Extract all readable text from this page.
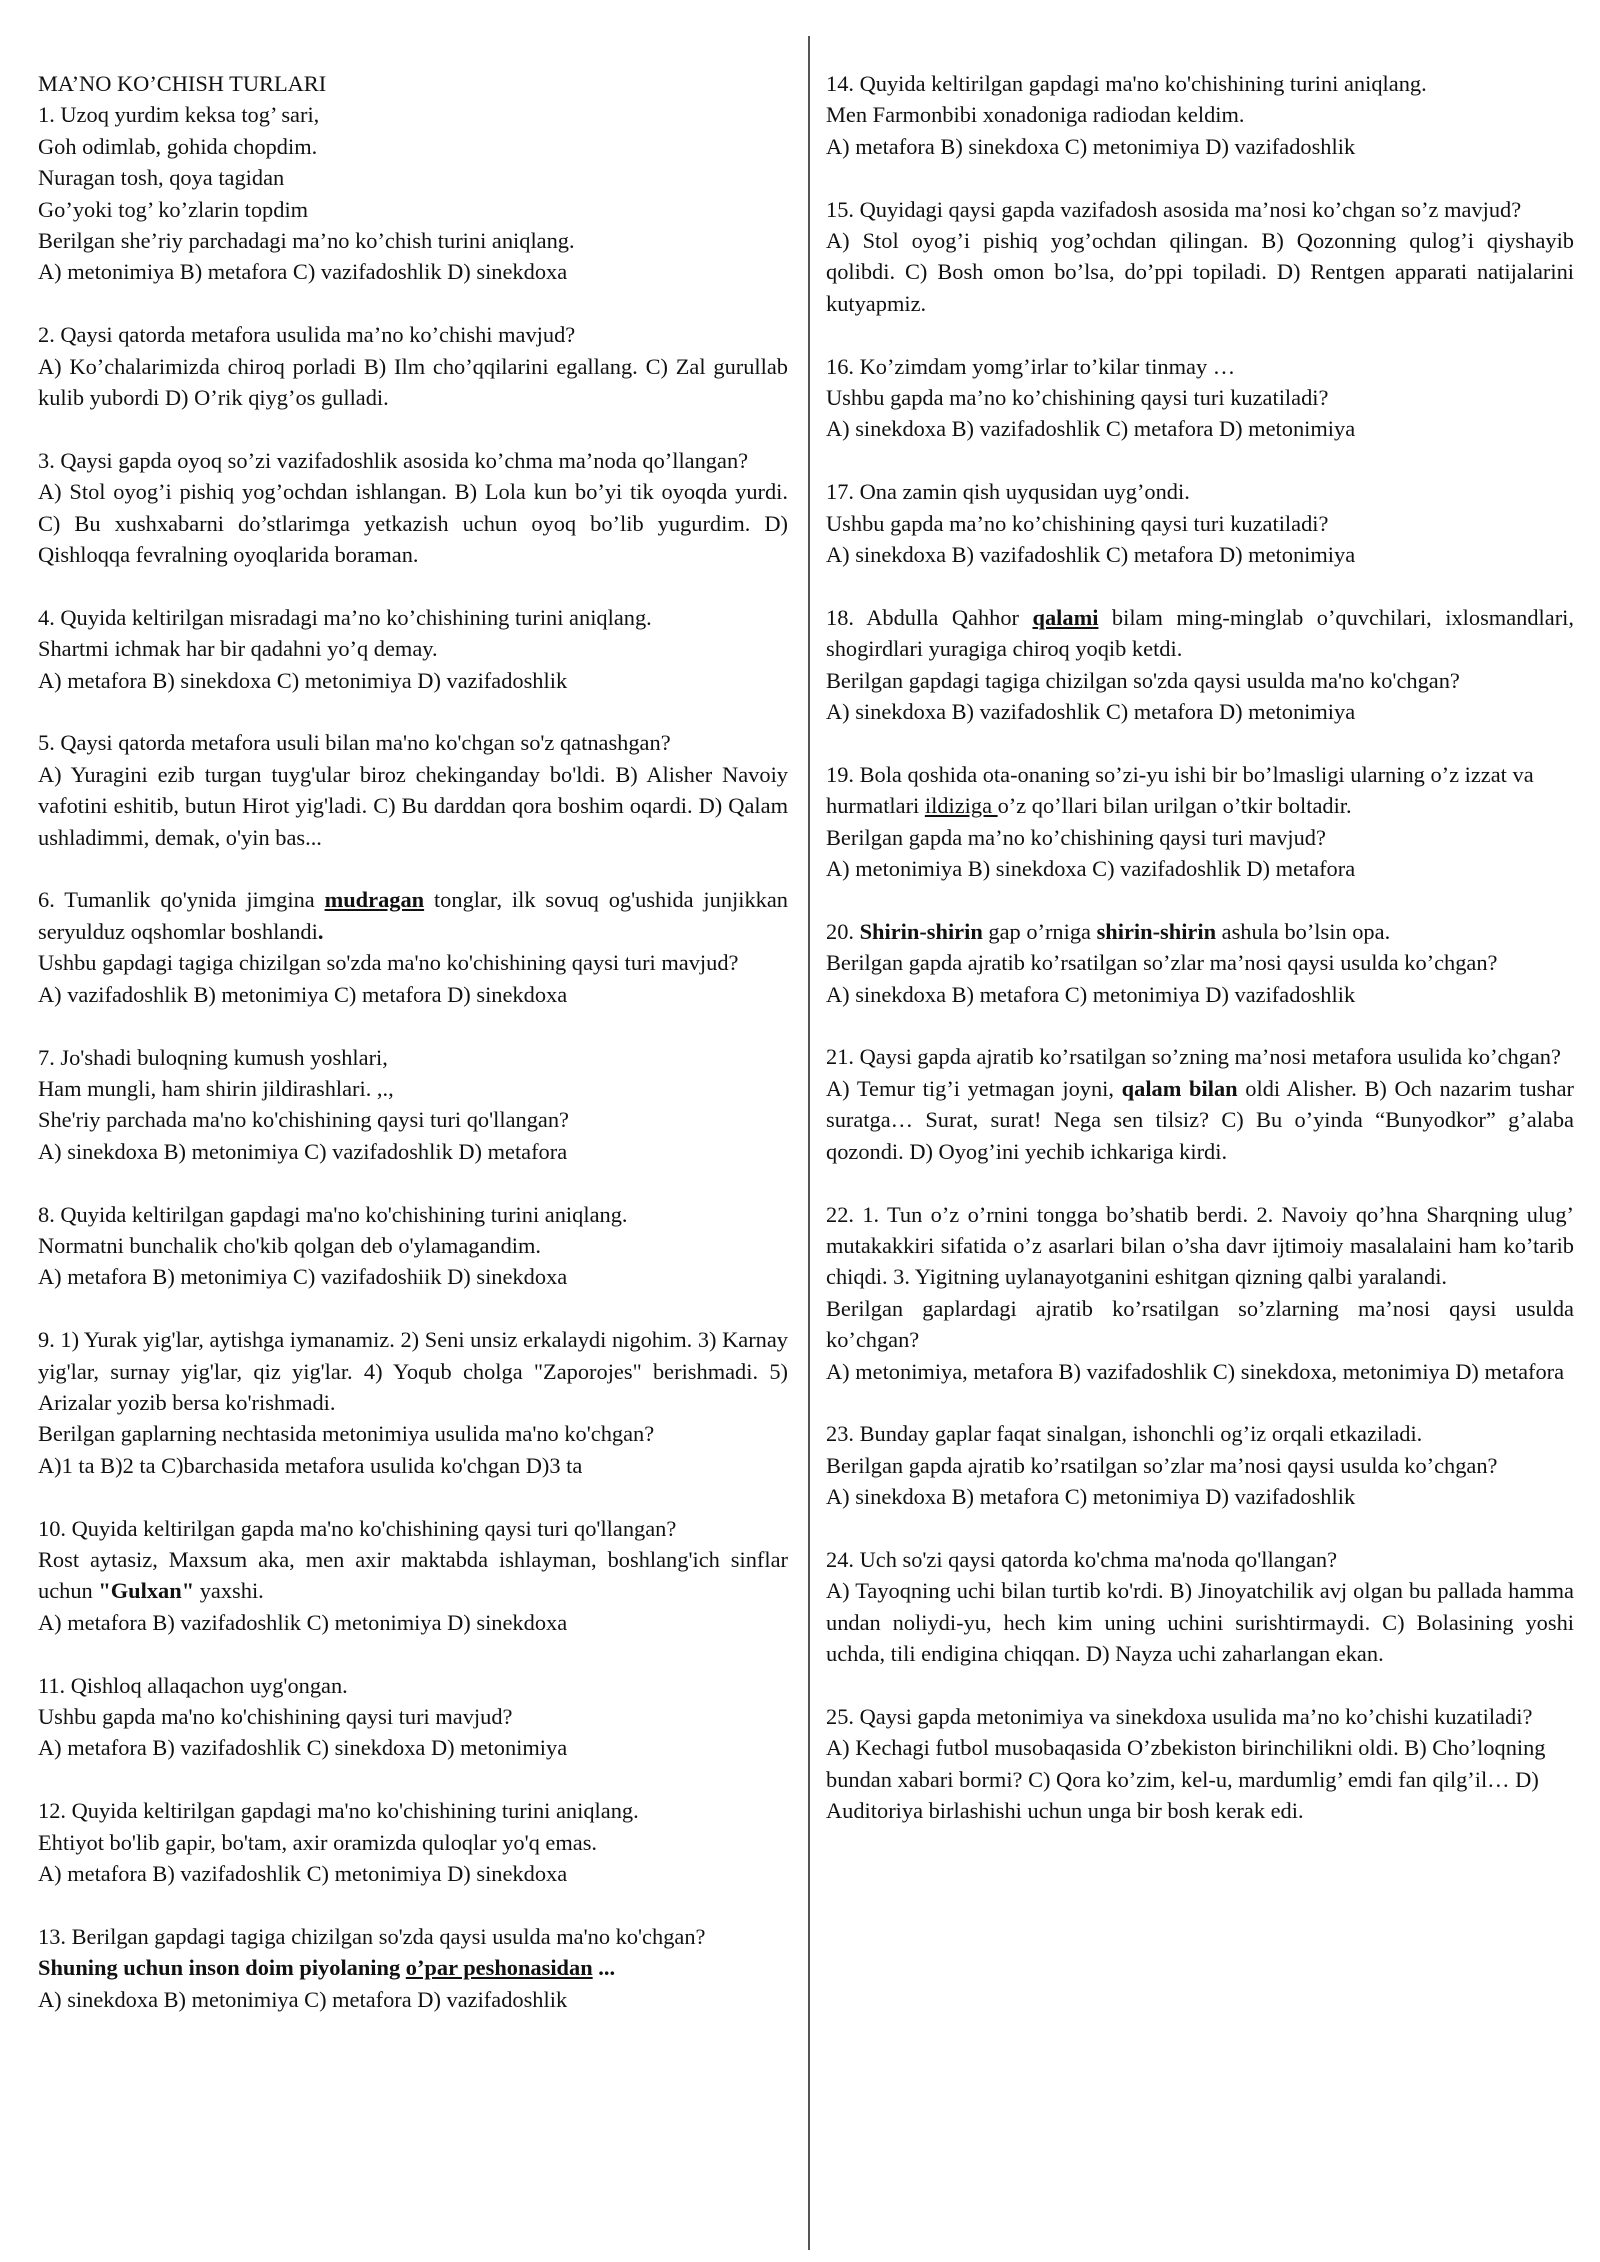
MA’NO KO’CHISH TURLARI

1. Uzoq yurdim keksa tog’ sari,

Goh odimlab, gohida chopdim.

Nuragan tosh, qoya tagidan

Go’yoki tog’ ko’zlarin topdim

Berilgan she’riy parchadagi ma’no ko’chish turini aniqlang.

A) metonimiya B) metafora C) vazifadoshlik D) sinekdoxa

2. Qaysi qatorda metafora usulida ma’no ko’chishi mavjud?

A) Ko’chalarimizda chiroq porladi B) Ilm cho’qqilarini egallang. C) Zal gurullab kulib yubordi D) O’rik qiyg’os gulladi.

3. Qaysi gapda oyoq so’zi vazifadoshlik asosida ko’chma ma’noda qo’llangan?

A) Stol oyog’i pishiq yog’ochdan ishlangan. B) Lola kun bo’yi tik oyoqda yurdi. C) Bu xushxabarni do’stlarimga yetkazish uchun oyoq bo’lib yugurdim. D) Qishloqqa fevralning oyoqlarida boraman.

4. Quyida keltirilgan misradagi ma’no ko’chishining turini aniqlang.

Shartmi ichmak har bir qadahni yo’q demay.

A) metafora B) sinekdoxa C) metonimiya D) vazifadoshlik

5. Qaysi qatorda metafora usuli bilan ma'no ko'chgan so'z qatnashgan?

A) Yuragini ezib turgan tuyg'ular biroz chekinganday bo'ldi. B) Alisher Navoiy vafotini eshitib, butun Hirot yig'ladi. C) Bu darddan qora boshim oqardi. D) Qalam ushladimmi, demak, o'yin bas...

6. Tumanlik qo'ynida jimgina mudragan tonglar, ilk sovuq og'ushida junjikkan seryulduz oqshomlar boshlandi.

Ushbu gapdagi tagiga chizilgan so'zda ma'no ko'chishining qaysi turi mavjud?

A) vazifadoshlik B) metonimiya C) metafora D) sinekdoxa

7. Jo'shadi buloqning kumush yoshlari,

Ham mungli, ham shirin jildirashlari. ,.,

She'riy parchada ma'no ko'chishining qaysi turi qo'llangan?

A) sinekdoxa B) metonimiya C) vazifadoshlik D) metafora

8. Quyida keltirilgan gapdagi ma'no ko'chishining turini aniqlang.

Normatni bunchalik cho'kib qolgan deb o'ylamagandim.

A) metafora B) metonimiya C) vazifadoshiik D) sinekdoxa

9. 1) Yurak yig'lar, aytishga iymanamiz. 2) Seni unsiz erkalaydi nigohim. 3) Karnay yig'lar, surnay yig'lar, qiz yig'lar. 4) Yoqub cholga "Zaporojes" berishmadi. 5) Arizalar yozib bersa ko'rishmadi.

Berilgan gaplarning nechtasida metonimiya usulida ma'no ko'chgan?

A)1 ta B)2 ta C)barchasida metafora usulida ko'chgan D)3 ta

10. Quyida keltirilgan gapda ma'no ko'chishining qaysi turi qo'llangan?

Rost aytasiz, Maxsum aka, men axir maktabda ishlayman, boshlang'ich sinflar uchun "Gulxan" yaxshi.

A) metafora B) vazifadoshlik C) metonimiya D) sinekdoxa

11. Qishloq allaqachon uyg'ongan.

Ushbu gapda ma'no ko'chishining qaysi turi mavjud?

A) metafora B) vazifadoshlik C) sinekdoxa D) metonimiya

12. Quyida keltirilgan gapdagi ma'no ko'chishining turini aniqlang.

Ehtiyot bo'lib gapir, bo'tam, axir oramizda quloqlar yo'q emas.

A) metafora B) vazifadoshlik C) metonimiya D) sinekdoxa

13. Berilgan gapdagi tagiga chizilgan so'zda qaysi usulda ma'no ko'chgan?

Shuning uchun inson doim piyolaning o’par peshonasidan ...

A) sinekdoxa B) metonimiya C) metafora D) vazifadoshlik

14. Quyida keltirilgan gapdagi ma'no ko'chishining turini aniqlang.

Men Farmonbibi xonadoniga radiodan keldim.

A) metafora B) sinekdoxa C) metonimiya D) vazifadoshlik

15. Quyidagi qaysi gapda vazifadosh asosida ma’nosi ko’chgan so’z mavjud?

A) Stol oyog’i pishiq yog’ochdan qilingan. B) Qozonning qulog’i qiyshayib qolibdi. C) Bosh omon bo’lsa, do’ppi topiladi. D) Rentgen apparati natijalarini kutyapmiz.

16. Ko’zimdam yomg’irlar to’kilar tinmay …

Ushbu gapda ma’no ko’chishining qaysi turi kuzatiladi?

A) sinekdoxa B) vazifadoshlik C) metafora D) metonimiya

17. Ona zamin qish uyqusidan uyg’ondi.

Ushbu gapda ma’no ko’chishining qaysi turi kuzatiladi?

A) sinekdoxa B) vazifadoshlik C) metafora D) metonimiya

18. Abdulla Qahhor qalami bilam ming-minglab o’quvchilari, ixlosmandlari, shogirdlari yuragiga chiroq yoqib ketdi.

Berilgan gapdagi tagiga chizilgan so'zda qaysi usulda ma'no ko'chgan?

A) sinekdoxa B) vazifadoshlik C) metafora D) metonimiya

19. Bola qoshida ota-onaning so’zi-yu ishi bir bo’lmasligi ularning o’z izzat va hurmatlari ildiziga o’z qo’llari bilan urilgan o’tkir boltadir.

Berilgan gapda ma’no ko’chishining qaysi turi mavjud?

A) metonimiya B) sinekdoxa C) vazifadoshlik D) metafora

20. Shirin-shirin gap o’rniga shirin-shirin ashula bo’lsin opa.

Berilgan gapda ajratib ko’rsatilgan so’zlar ma’nosi qaysi usulda ko’chgan?

A) sinekdoxa B) metafora C) metonimiya D) vazifadoshlik

21. Qaysi gapda ajratib ko’rsatilgan so’zning ma’nosi metafora usulida ko’chgan?

A) Temur tig’i yetmagan joyni, qalam bilan oldi Alisher. B) Och nazarim tushar suratga… Surat, surat! Nega sen tilsiz? C) Bu o’yinda “Bunyodkor” g’alaba qozondi. D) Oyog’ini yechib ichkariga kirdi.

22. 1. Tun o’z o’rnini tongga bo’shatib berdi. 2. Navoiy qo’hna Sharqning ulug’ mutakakkiri sifatida o’z asarlari bilan o’sha davr ijtimoiy masalalaini ham ko’tarib chiqdi. 3. Yigitning uylanayotganini eshitgan qizning qalbi yaralandi.

Berilgan gaplardagi ajratib ko’rsatilgan so’zlarning ma’nosi qaysi usulda ko’chgan?

A) metonimiya, metafora B) vazifadoshlik C) sinekdoxa, metonimiya D) metafora

23. Bunday gaplar faqat sinalgan, ishonchli og’iz orqali etkaziladi.

Berilgan gapda ajratib ko’rsatilgan so’zlar ma’nosi qaysi usulda ko’chgan?

A) sinekdoxa B) metafora C) metonimiya D) vazifadoshlik

24. Uch so'zi qaysi qatorda ko'chma ma'noda qo'llangan?

A) Tayoqning uchi bilan turtib ko'rdi. B) Jinoyatchilik avj olgan bu pallada hamma undan noliydi-yu, hech kim uning uchini surishtirmaydi. C) Bolasining yoshi uchda, tili endigina chiqqan. D) Nayza uchi zaharlangan ekan.

25. Qaysi gapda metonimiya va sinekdoxa usulida ma’no ko’chishi kuzatiladi?

A) Kechagi futbol musobaqasida O’zbekiston birinchilikni oldi. B) Cho’loqning bundan xabari bormi? C) Qora ko’zim, kel-u, mardumlig’ emdi fan qilg’il… D) Auditoriya birlashishi uchun unga bir bosh kerak edi.
